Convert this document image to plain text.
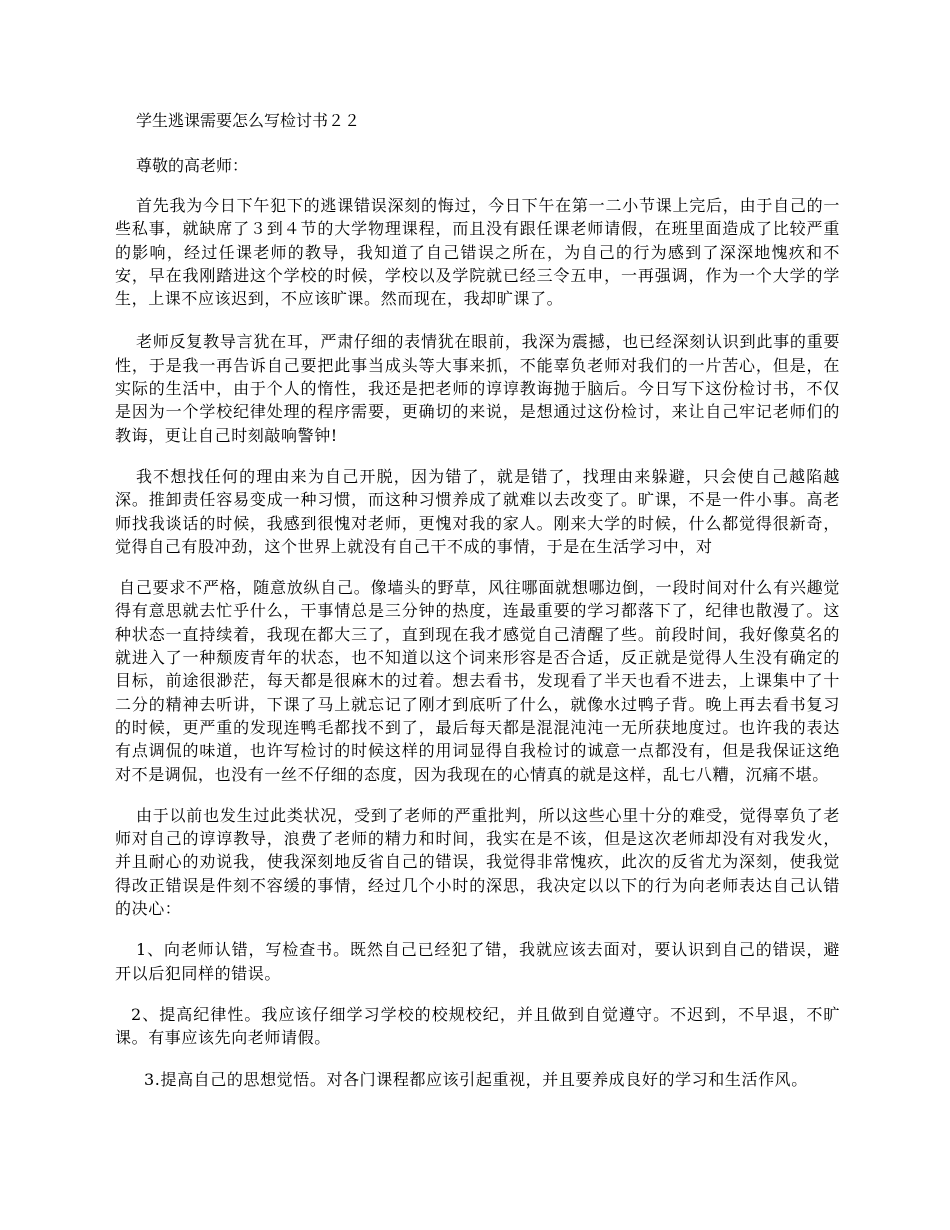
学生逃课需要怎么写检讨书２２
尊敬的高老师：

首先我为今日下午犯下的逃课错误深刻的悔过，今日下午在第一二小节课上完后，由于自己的一些私事，就缺席了３到４节的大学物理课程，而且没有跟任课老师请假，在班里面造成了比较严重的影响，经过任课老师的教导，我知道了自己错误之所在，为自己的行为感到了深深地愧疚和不安，早在我刚踏进这个学校的时候，学校以及学院就已经三令五申，一再强调，作为一个大学的学生，上课不应该迟到，不应该旷课。然而现在，我却旷课了。

老师反复教导言犹在耳，严肃仔细的表情犹在眼前，我深为震撼，也已经深刻认识到此事的重要性，于是我一再告诉自己要把此事当成头等大事来抓，不能辜负老师对我们的一片苦心，但是，在实际的生活中，由于个人的惰性，我还是把老师的谆谆教诲抛于脑后。今日写下这份检讨书，不仅是因为一个学校纪律处理的程序需要，更确切的来说，是想通过这份检讨，来让自己牢记老师们的教诲，更让自己时刻敲响警钟!

我不想找任何的理由来为自己开脱，因为错了，就是错了，找理由来躲避，只会使自己越陷越深。推卸责任容易变成一种习惯，而这种习惯养成了就难以去改变了。旷课，不是一件小事。高老师找我谈话的时候，我感到很愧对老师，更愧对我的家人。刚来大学的时候，什么都觉得很新奇，觉得自己有股冲劲，这个世界上就没有自己干不成的事情，于是在生活学习中，对

自己要求不严格，随意放纵自己。像墙头的野草，风往哪面就想哪边倒，一段时间对什么有兴趣觉得有意思就去忙乎什么，干事情总是三分钟的热度，连最重要的学习都落下了，纪律也散漫了。这种状态一直持续着，我现在都大三了，直到现在我才感觉自己清醒了些。前段时间，我好像莫名的就进入了一种颓废青年的状态，也不知道以这个词来形容是否合适，反正就是觉得人生没有确定的目标，前途很渺茫，每天都是很麻木的过着。想去看书，发现看了半天也看不进去，上课集中了十二分的精神去听讲，下课了马上就忘记了刚才到底听了什么，就像水过鸭子背。晚上再去看书复习的时候，更严重的发现连鸭毛都找不到了，最后每天都是混混沌沌一无所获地度过。也许我的表达有点调侃的味道，也许写检讨的时候这样的用词显得自我检讨的诚意一点都没有，但是我保证这绝对不是调侃，也没有一丝不仔细的态度，因为我现在的心情真的就是这样，乱七八糟，沉痛不堪。

由于以前也发生过此类状况，受到了老师的严重批判，所以这些心里十分的难受，觉得辜负了老师对自己的谆谆教导，浪费了老师的精力和时间，我实在是不该，但是这次老师却没有对我发火，并且耐心的劝说我，使我深刻地反省自己的错误，我觉得非常愧疚，此次的反省尤为深刻，使我觉得改正错误是件刻不容缓的事情，经过几个小时的深思，我决定以以下的行为向老师表达自己认错的决心：

1、向老师认错，写检查书。既然自己已经犯了错，我就应该去面对，要认识到自己的错误，避开以后犯同样的错误。

2、提高纪律性。我应该仔细学习学校的校规校纪，并且做到自觉遵守。不迟到，不早退，不旷课。有事应该先向老师请假。

3.提高自己的思想觉悟。对各门课程都应该引起重视，并且要养成良好的学习和生活作风。
